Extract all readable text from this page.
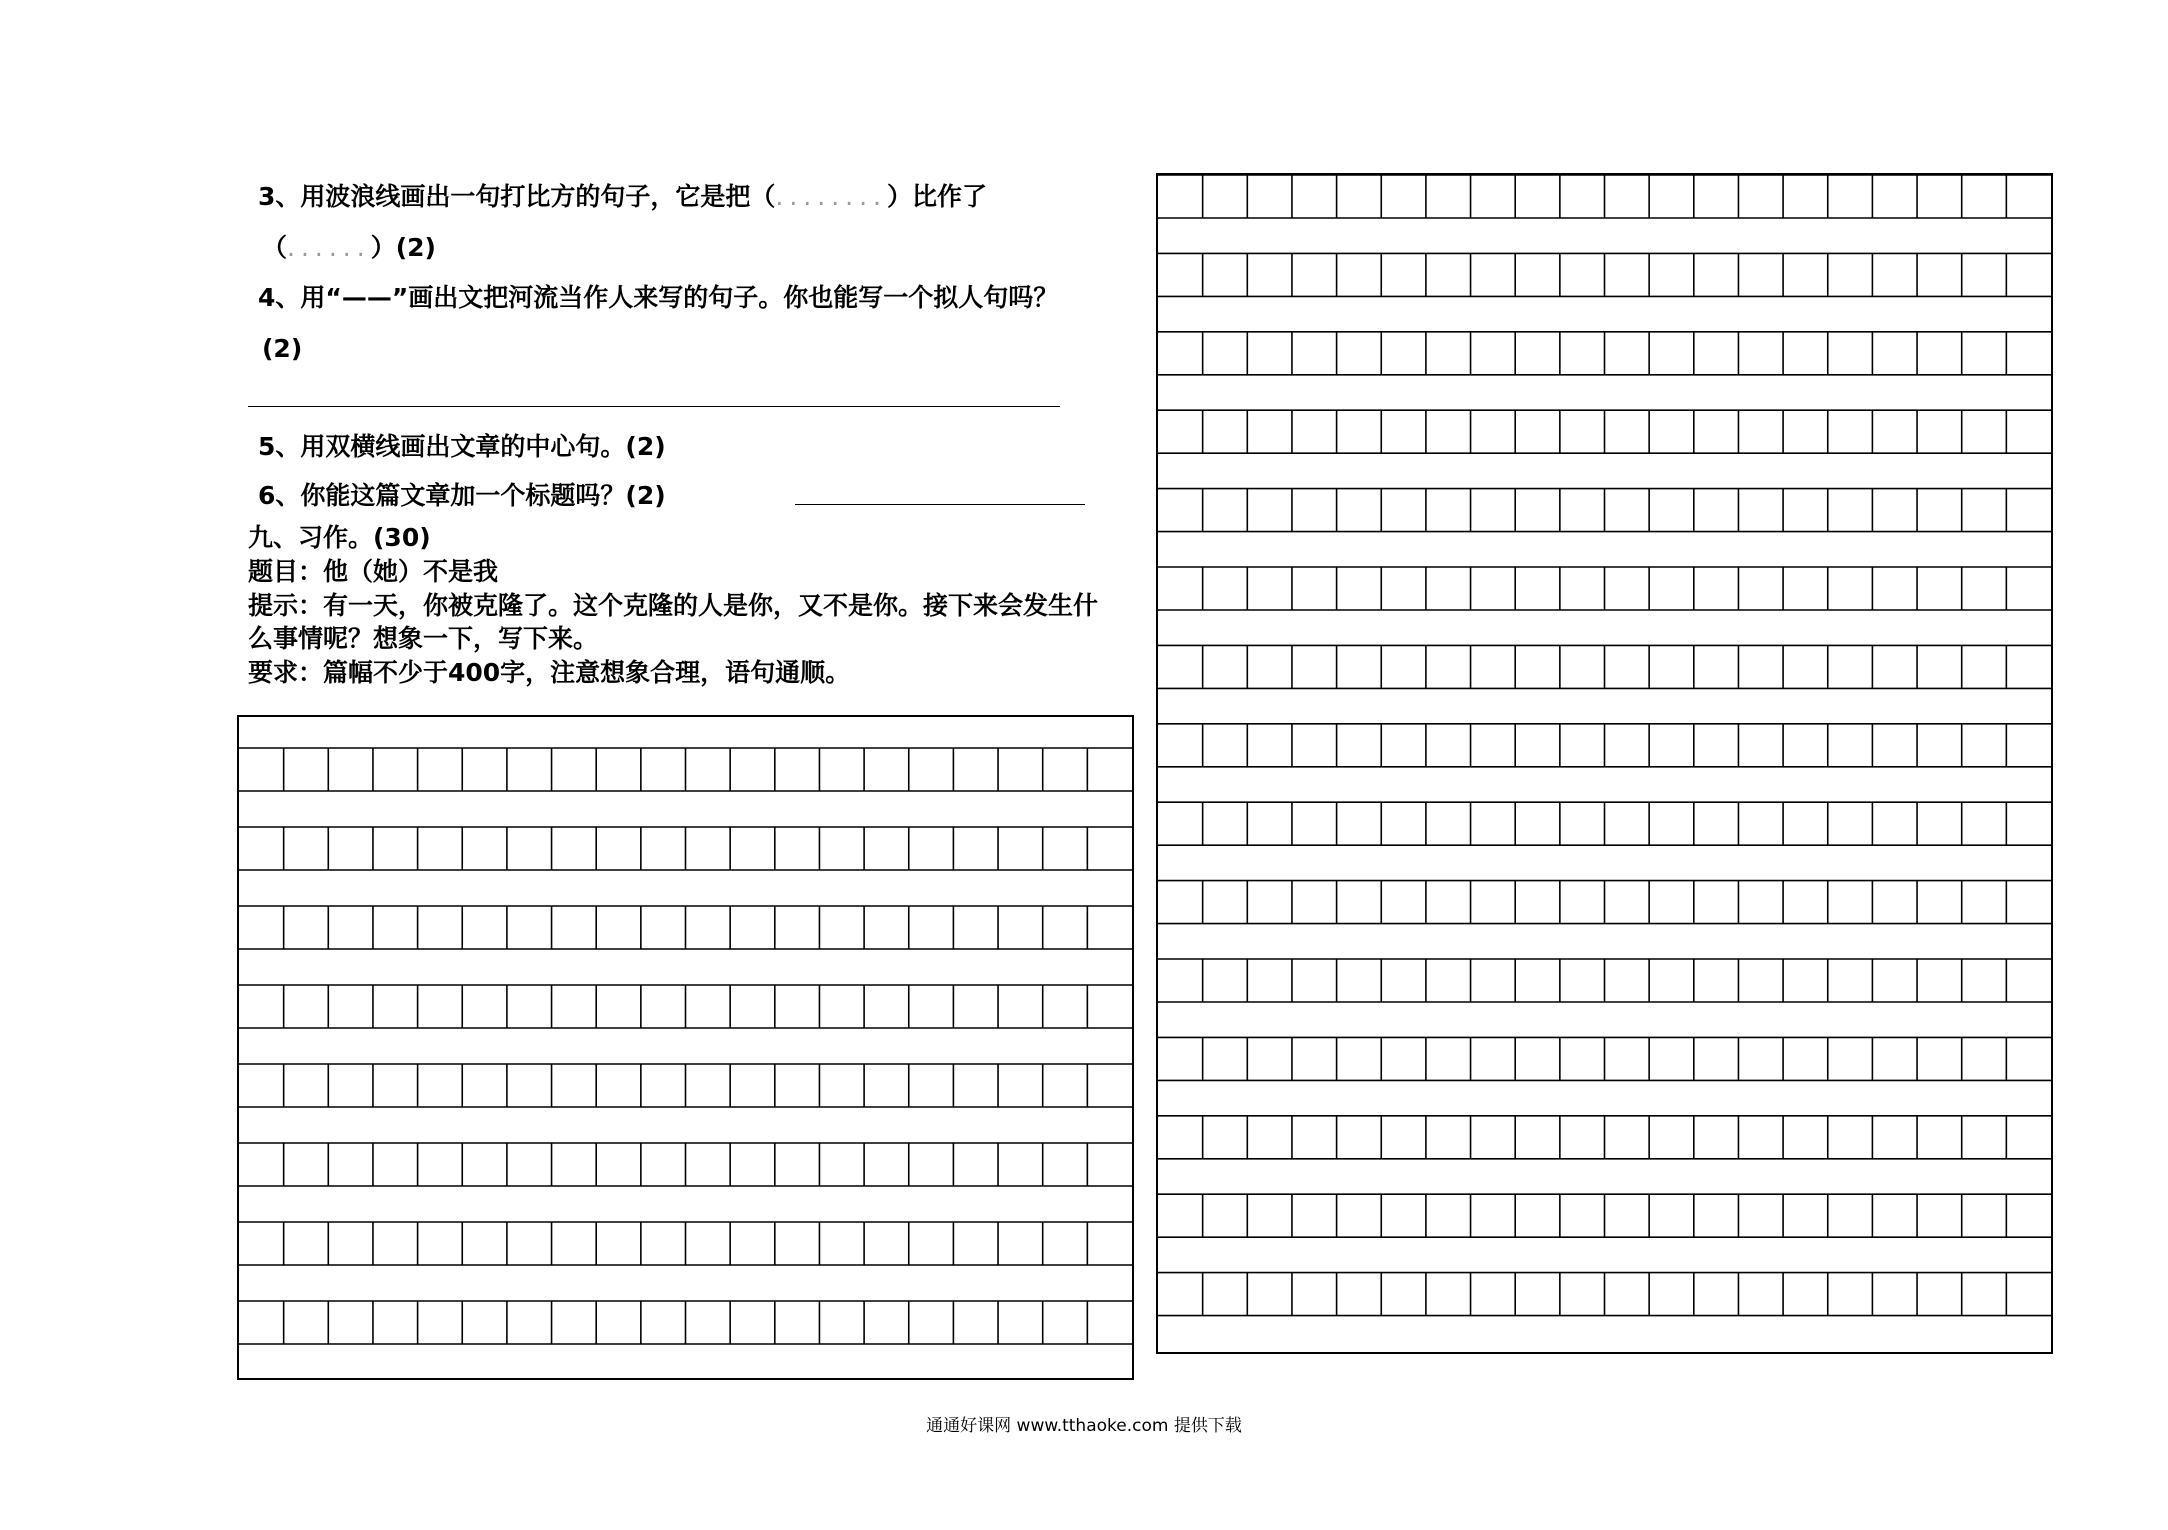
3、用波浪线画出一句打比方的句子，它是把（........）比作了
（......）(2)
4、用“——”画出文把河流当作人来写的句子。你也能写一个拟人句吗？
(2)
5、用双横线画出文章的中心句。(2)
6、你能这篇文章加一个标题吗？(2)
九、习作。(30)
题目：他（她）不是我
提示：有一天，你被克隆了。这个克隆的人是你，又不是你。接下来会发生什
么事情呢？想象一下，写下来。
要求：篇幅不少于400字，注意想象合理，语句通顺。
通通好课网 www.tthaoke.com 提供下载
